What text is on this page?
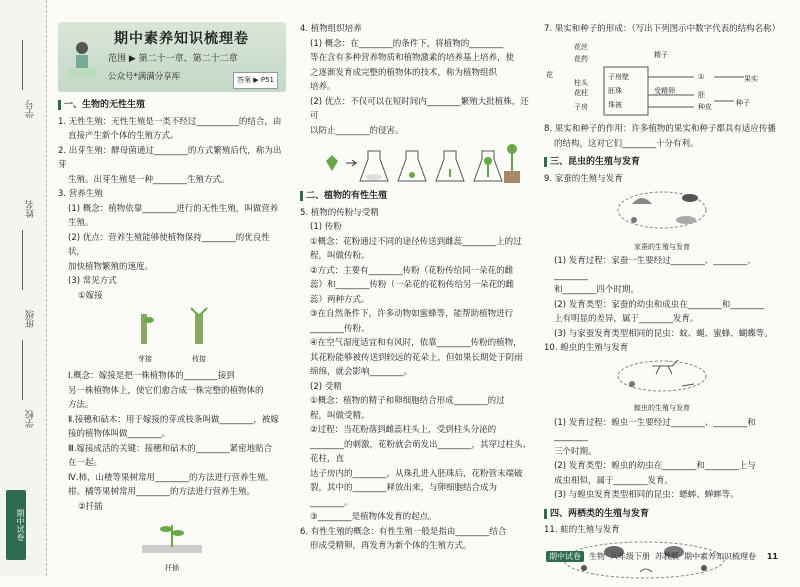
学号
姓名
班级
学校
期中试卷
期中素养知识梳理卷
范围 ▶ 第二十一章、第二十二章
公众号*满满分享库	答案 ▶ P51
一、生物的无性生殖

1. 无性生殖：无性生殖是一类不经过__________的结合，由

直接产生新个体的生殖方式。

2. 出芽生殖：酵母菌通过________的方式繁殖后代，称为出芽

生殖。出芽生殖是一种________生殖方式。

3. 营养生殖

(1) 概念：植物依靠________进行的无性生殖，叫做营养

生殖。

(2) 优点：营养生殖能够使植物保持________的优良性状，

加快植物繁殖的速度。

(3) 常见方式

①嫁接

芽接	枝接

Ⅰ.概念：嫁接是把一株植物体的________接到

另一株植物体上，使它们愈合成一株完整的植物体的

方法。

Ⅱ.接穗和砧木：用于嫁接的芽或枝条叫做________，被嫁

接的植物体叫做________。

Ⅲ.嫁接成活的关键：接穗和砧木的________紧密地贴合

在一起。

Ⅳ.柿，山楂等果树常用________的方法进行营养生殖，

柑、橘等果树常用________的方法进行营养生殖。

②扦插

扦插

4. 植物组织培养

(1) 概念：在________的条件下，将植物的________

等在含有多种营养物质和植物激素的培养基上培养，使

之逐渐发育成完整的植物体的技术，称为植物组织

培养。

(2) 优点：不仅可以在短时间内________繁殖大批植株，还可

以防止________的侵害。

二、植物的有性生殖

5. 植物的传粉与受精

(1) 传粉

①概念：花粉通过不同的途径传送到雌蕊________上的过

程，叫做传粉。

②方式：主要有________传粉（花粉传给同一朵花的雌

蕊）和________传粉（一朵花的花粉传给另一朵花的雌

蕊）两种方式。

③在自然条件下，许多动物如蜜蜂等，能帮助植物进行

________传粉。

④在空气湿度适宜和有风时，依靠________传粉的植物，

其花粉能够被传送到较远的花朵上，但如果长期处于阴雨

绵绵，就会影响________。

(2) 受精

①概念：植物的精子和卵细胞结合形成________的过

程，叫做受精。

②过程：当花粉落到雌蕊柱头上，受到柱头分泌的

________的刺激，花粉就会萌发出________，其穿过柱头、花柱，直

达子房内的________。从珠孔进入胚珠后，花粉管末端破

裂，其中的________释放出来，与卵细胞结合成为

________。

③________是植物体发育的起点。

6. 有性生殖的概念：有性生殖一般是指由________结合

形成受精卵，再发育为新个体的生殖方式。

7. 果实和种子的形成：（写出下列图示中数字代表的结构名称）

花
花丝
花药
柱头
花柱
子房
子房壁
胚珠
珠被
精子
受精卵
①
胚
种皮
果实
种子

8. 果实和种子的作用：许多植物的果实和种子都具有适应传播

的结构，这对它们________十分有利。

三、昆虫的生殖与发育

9. 家蚕的生殖与发育

家蚕的生殖与发育

(1) 发育过程：家蚕一生要经过________、________、________

和________四个时期。

(2) 发育类型：家蚕的幼虫和成虫在________和________

上有明显的差异，属于________发育。

(3) 与家蚕发育类型相同的昆虫：蚊、蝇、蜜蜂、蝴蝶等。

10. 蝗虫的生殖与发育

蝗虫的生殖与发育

(1) 发育过程：蝗虫一生要经过________、________和________

三个时期。

(2) 发育类型：蝗虫的幼虫在________和________上与

成虫相似，属于________发育。

(3) 与蝗虫发育类型相同的昆虫：蟋蟀、蝉蟀等。

四、两栖类的生殖与发育

11. 蛙的生殖与发育

期中试卷	生物 八年级下册 苏教版 期中素养知识梳理卷 11
